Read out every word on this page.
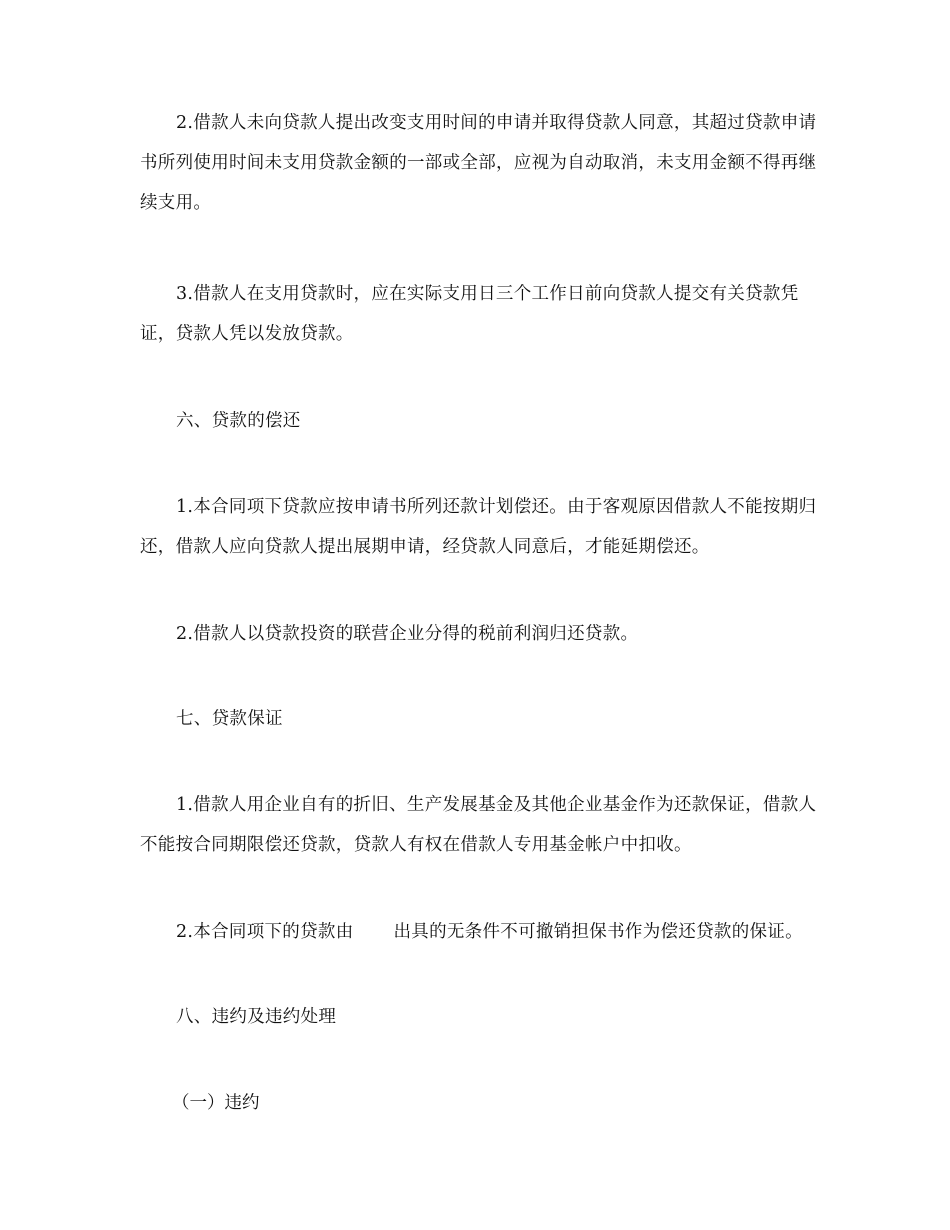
2.借款人未向贷款人提出改变支用时间的申请并取得贷款人同意，其超过贷款申请书所列使用时间未支用贷款金额的一部或全部，应视为自动取消，未支用金额不得再继续支用。

3.借款人在支用贷款时，应在实际支用日三个工作日前向贷款人提交有关贷款凭证，贷款人凭以发放贷款。

六、贷款的偿还

1.本合同项下贷款应按申请书所列还款计划偿还。由于客观原因借款人不能按期归还，借款人应向贷款人提出展期申请，经贷款人同意后，才能延期偿还。

2.借款人以贷款投资的联营企业分得的税前利润归还贷款。

七、贷款保证

1.借款人用企业自有的折旧、生产发展基金及其他企业基金作为还款保证，借款人不能按合同期限偿还贷款，贷款人有权在借款人专用基金帐户中扣收。

2.本合同项下的贷款由 出具的无条件不可撤销担保书作为偿还贷款的保证。

八、违约及违约处理

（一）违约
